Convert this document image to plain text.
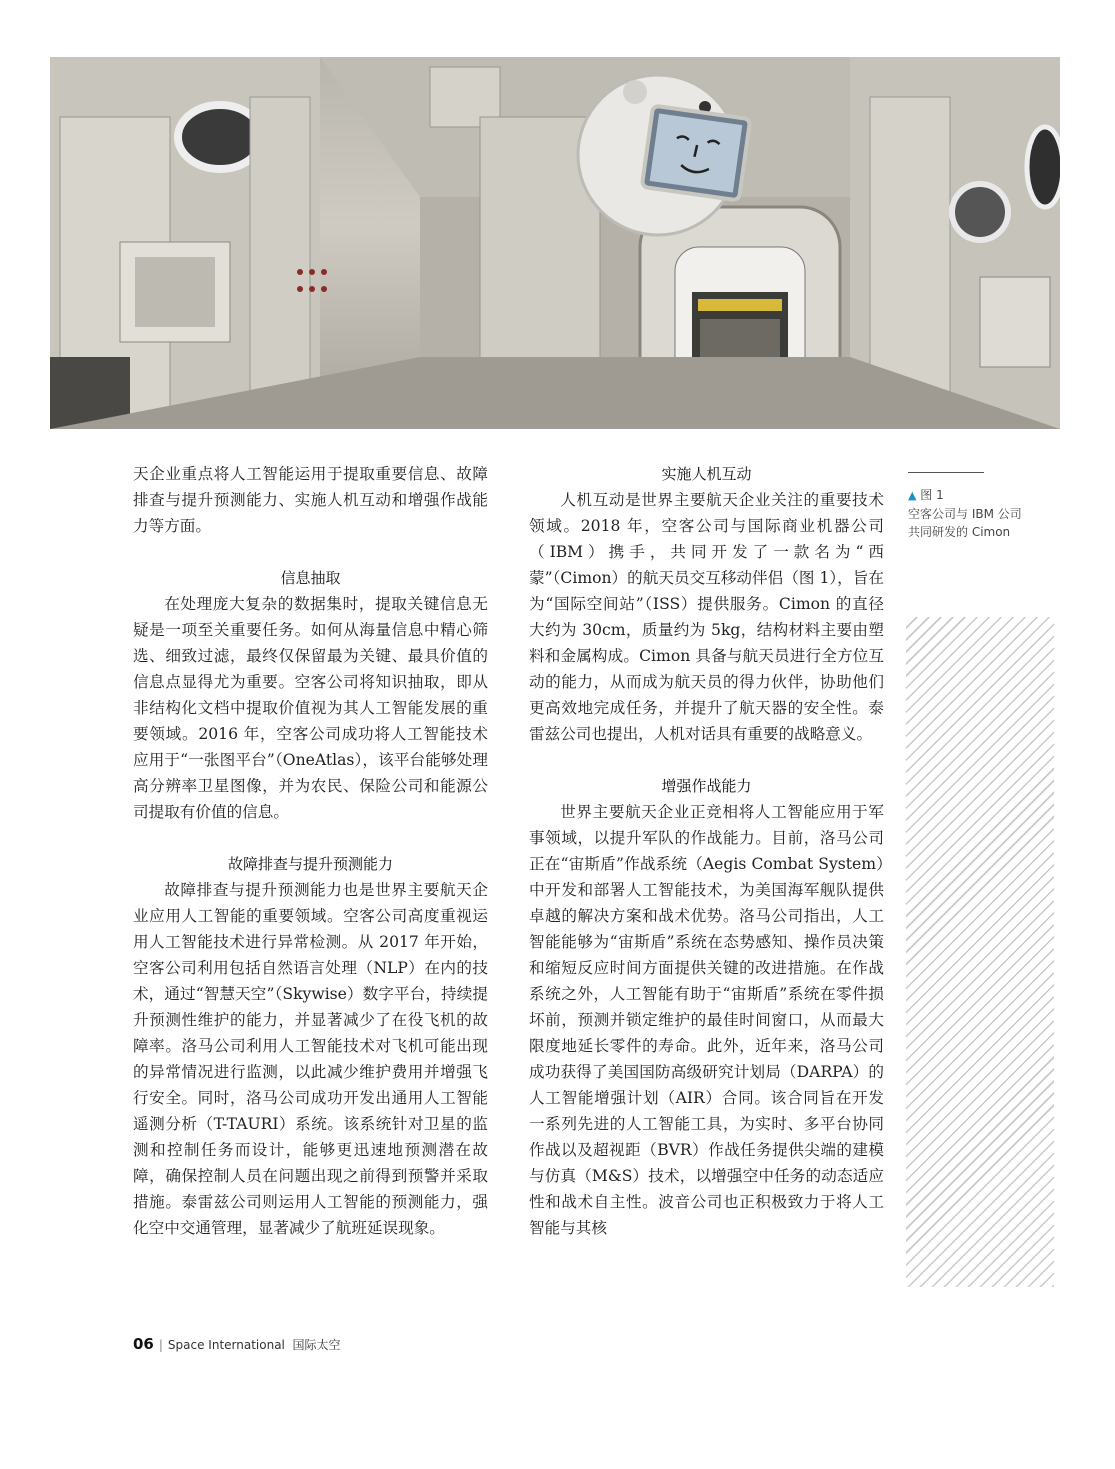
天企业重点将人工智能运用于提取重要信息、故障排查与提升预测能力、实施人机互动和增强作战能力等方面。

信息抽取

在处理庞大复杂的数据集时，提取关键信息无疑是一项至关重要任务。如何从海量信息中精心筛选、细致过滤，最终仅保留最为关键、最具价值的信息点显得尤为重要。空客公司将知识抽取，即从非结构化文档中提取价值视为其人工智能发展的重要领域。2016 年，空客公司成功将人工智能技术应用于“一张图平台”（OneAtlas），该平台能够处理高分辨率卫星图像，并为农民、保险公司和能源公司提取有价值的信息。

故障排查与提升预测能力

故障排查与提升预测能力也是世界主要航天企业应用人工智能的重要领域。空客公司高度重视运用人工智能技术进行异常检测。从 2017 年开始，空客公司利用包括自然语言处理（NLP）在内的技术，通过“智慧天空”（Skywise）数字平台，持续提升预测性维护的能力，并显著减少了在役飞机的故障率。洛马公司利用人工智能技术对飞机可能出现的异常情况进行监测，以此减少维护费用并增强飞行安全。同时，洛马公司成功开发出通用人工智能遥测分析（T-TAURI）系统。该系统针对卫星的监测和控制任务而设计，能够更迅速地预测潜在故障，确保控制人员在问题出现之前得到预警并采取措施。泰雷兹公司则运用人工智能的预测能力，强化空中交通管理，显著减少了航班延误现象。

实施人机互动

人机互动是世界主要航天企业关注的重要技术领域。2018 年，空客公司与国际商业机器公司（IBM）携手，共同开发了一款名为“西蒙”（Cimon）的航天员交互移动伴侣（图 1），旨在为“国际空间站”（ISS）提供服务。Cimon 的直径大约为 30cm，质量约为 5kg，结构材料主要由塑料和金属构成。Cimon 具备与航天员进行全方位互动的能力，从而成为航天员的得力伙伴，协助他们更高效地完成任务，并提升了航天器的安全性。泰雷兹公司也提出，人机对话具有重要的战略意义。

增强作战能力

世界主要航天企业正竞相将人工智能应用于军事领域，以提升军队的作战能力。目前，洛马公司正在“宙斯盾”作战系统（Aegis Combat System）中开发和部署人工智能技术，为美国海军舰队提供卓越的解决方案和战术优势。洛马公司指出，人工智能能够为“宙斯盾”系统在态势感知、操作员决策和缩短反应时间方面提供关键的改进措施。在作战系统之外，人工智能有助于“宙斯盾”系统在零件损坏前，预测并锁定维护的最佳时间窗口，从而最大限度地延长零件的寿命。此外，近年来，洛马公司成功获得了美国国防高级研究计划局（DARPA）的人工智能增强计划（AIR）合同。该合同旨在开发一系列先进的人工智能工具，为实时、多平台协同作战以及超视距（BVR）作战任务提供尖端的建模与仿真（M&S）技术，以增强空中任务的动态适应性和战术自主性。波音公司也正积极致力于将人工智能与其核

▲ 图 1
空客公司与 IBM 公司共同研发的 Cimon
06 | Space International 国际太空
